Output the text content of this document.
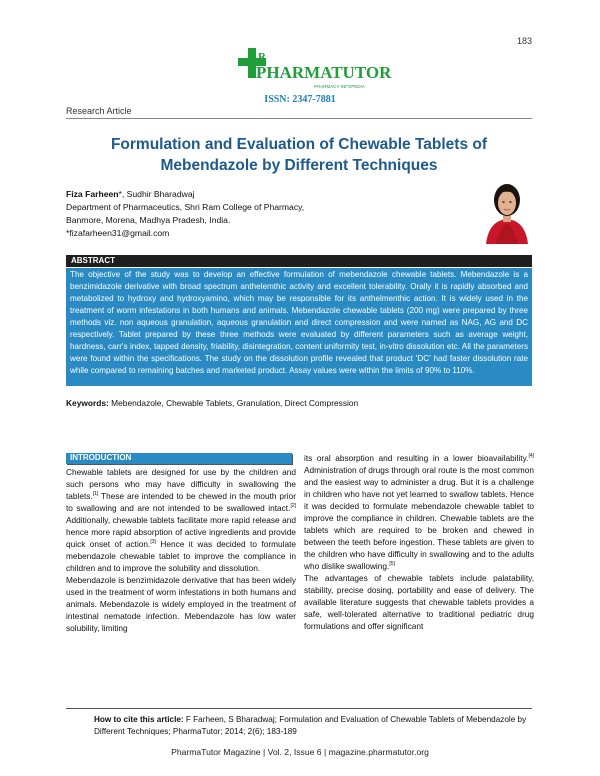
183
R
PHARMATUTOR
PHARMACY INFOPEDIA
ISSN: 2347-7881
Research Article
Formulation and Evaluation of Chewable Tablets of
Mebendazole by Different Techniques
Fiza Farheen*, Sudhir Bharadwaj
Department of Pharmaceutics, Shri Ram College of Pharmacy,
Banmore, Morena, Madhya Pradesh, India.
*fizafarheen31@gmail.com
ABSTRACT
The objective of the study was to develop an effective formulation of mebendazole chewable tablets. Mebendazole is a benzimidazole derivative with broad spectrum anthelemthic activity and excellent tolerability. Orally it is rapidly absorbed and metabolized to hydroxy and hydroxyamino, which may be responsible for its anthelmenthic action. It is widely used in the treatment of worm infestations in both humans and animals. Mebendazole chewable tablets (200 mg) were prepared by three methods viz. non aqueous granulation, aqueous granulation and direct compression and were named as NAG, AG and DC respectively. Tablet prepared by these three methods were evaluated by different parameters such as average weight, hardness, carr's index, tapped density, friability, disintegration, content uniformity test, in-vitro dissolution etc. All the parameters were found within the specifications. The study on the dissolution profile revealed that product 'DC' had faster dissolution rate while compared to remaining batches and marketed product. Assay values were within the limits of 90% to 110%.
Keywords: Mebendazole, Chewable Tablets, Granulation, Direct Compression
INTRODUCTION

Chewable tablets are designed for use by the children and such persons who may have difficulty in swallowing the tablets.[1] These are intended to be chewed in the mouth prior to swallowing and are not intended to be swallowed intact.[2] Additionally, chewable tablets facilitate more rapid release and hence more rapid absorption of active ingredients and provide quick onset of action.[3] Hence it was decided to formulate mebendazole chewable tablet to improve the compliance in children and to improve the solubility and dissolution.

Mebendazole is benzimidazole derivative that has been widely used in the treatment of worm infestations in both humans and animals. Mebendazole is widely employed in the treatment of intestinal nematode infection. Mebendazole has low water solubility, limiting

its oral absorption and resulting in a lower bioavailability.[4] Administration of drugs through oral route is the most common and the easiest way to administer a drug. But it is a challenge in children who have not yet learned to swallow tablets. Hence it was decided to formulate mebendazole chewable tablet to improve the compliance in children. Chewable tablets are the tablets which are required to be broken and chewed in between the teeth before ingestion. These tablets are given to the children who have difficulty in swallowing and to the adults who dislike swallowing.[5]

The advantages of chewable tablets include palatability, stability, precise dosing, portability and ease of delivery. The available literature suggests that chewable tablets provides a safe, well-tolerated alternative to traditional pediatric drug formulations and offer significant

How to cite this article: F Farheen, S Bharadwaj; Formulation and Evaluation of Chewable Tablets of Mebendazole by Different Techniques; PharmaTutor; 2014; 2(6); 183-189
PharmaTutor Magazine | Vol. 2, Issue 6 | magazine.pharmatutor.org
